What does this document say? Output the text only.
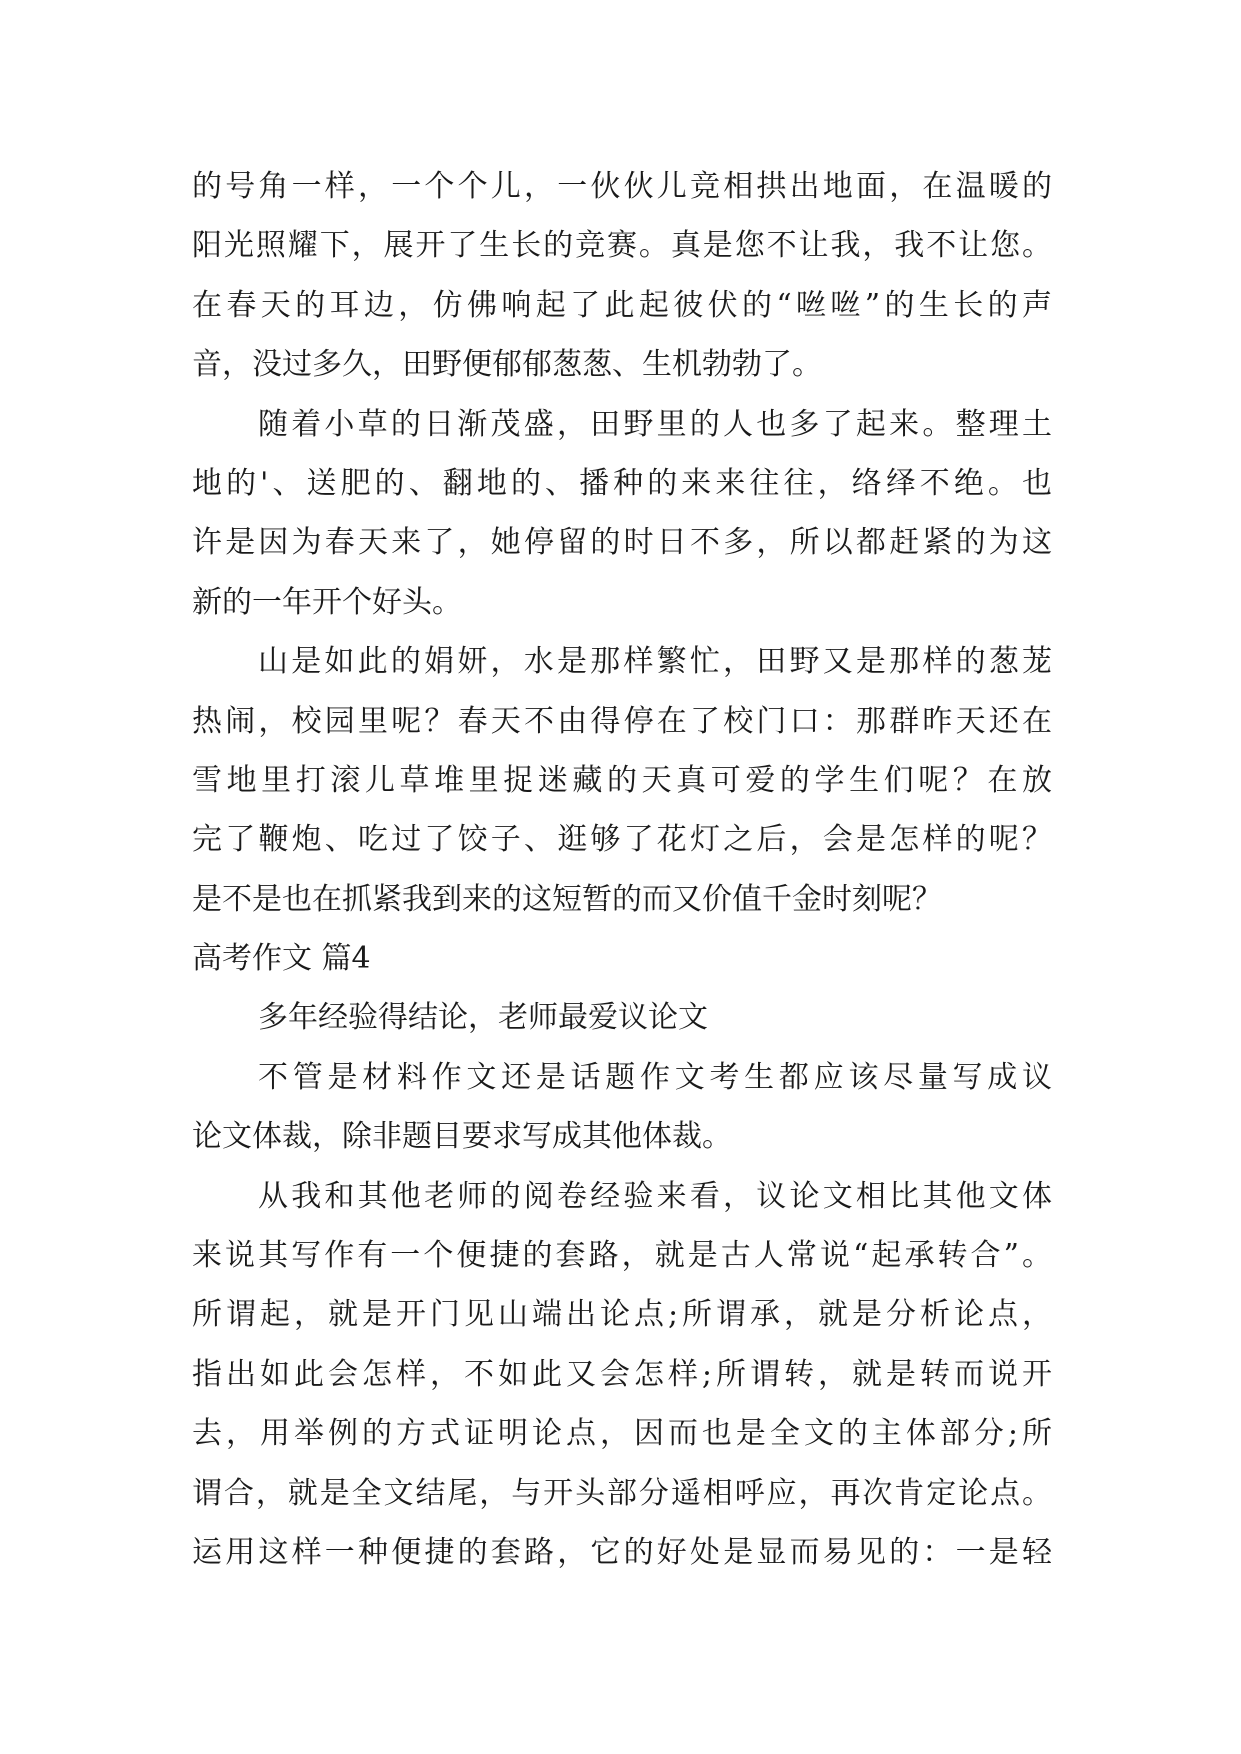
的号角一样，一个个儿，一伙伙儿竞相拱出地面，在温暖的
阳光照耀下，展开了生长的竞赛。真是您不让我，我不让您。
在春天的耳边，仿佛响起了此起彼伏的“咝咝”的生长的声
音，没过多久，田野便郁郁葱葱、生机勃勃了。
随着小草的日渐茂盛，田野里的人也多了起来。整理土
地的'、送肥的、翻地的、播种的来来往往，络绎不绝。也
许是因为春天来了，她停留的时日不多，所以都赶紧的为这
新的一年开个好头。
山是如此的娟妍，水是那样繁忙，田野又是那样的葱茏
热闹，校园里呢？春天不由得停在了校门口：那群昨天还在
雪地里打滚儿草堆里捉迷藏的天真可爱的学生们呢？在放
完了鞭炮、吃过了饺子、逛够了花灯之后，会是怎样的呢？
是不是也在抓紧我到来的这短暂的而又价值千金时刻呢？
高考作文 篇4
多年经验得结论，老师最爱议论文
不管是材料作文还是话题作文考生都应该尽量写成议
论文体裁，除非题目要求写成其他体裁。
从我和其他老师的阅卷经验来看，议论文相比其他文体
来说其写作有一个便捷的套路，就是古人常说“起承转合”。
所谓起，就是开门见山端出论点;所谓承，就是分析论点，
指出如此会怎样，不如此又会怎样;所谓转，就是转而说开
去，用举例的方式证明论点，因而也是全文的主体部分;所
谓合，就是全文结尾，与开头部分遥相呼应，再次肯定论点。
运用这样一种便捷的套路，它的好处是显而易见的：一是轻
